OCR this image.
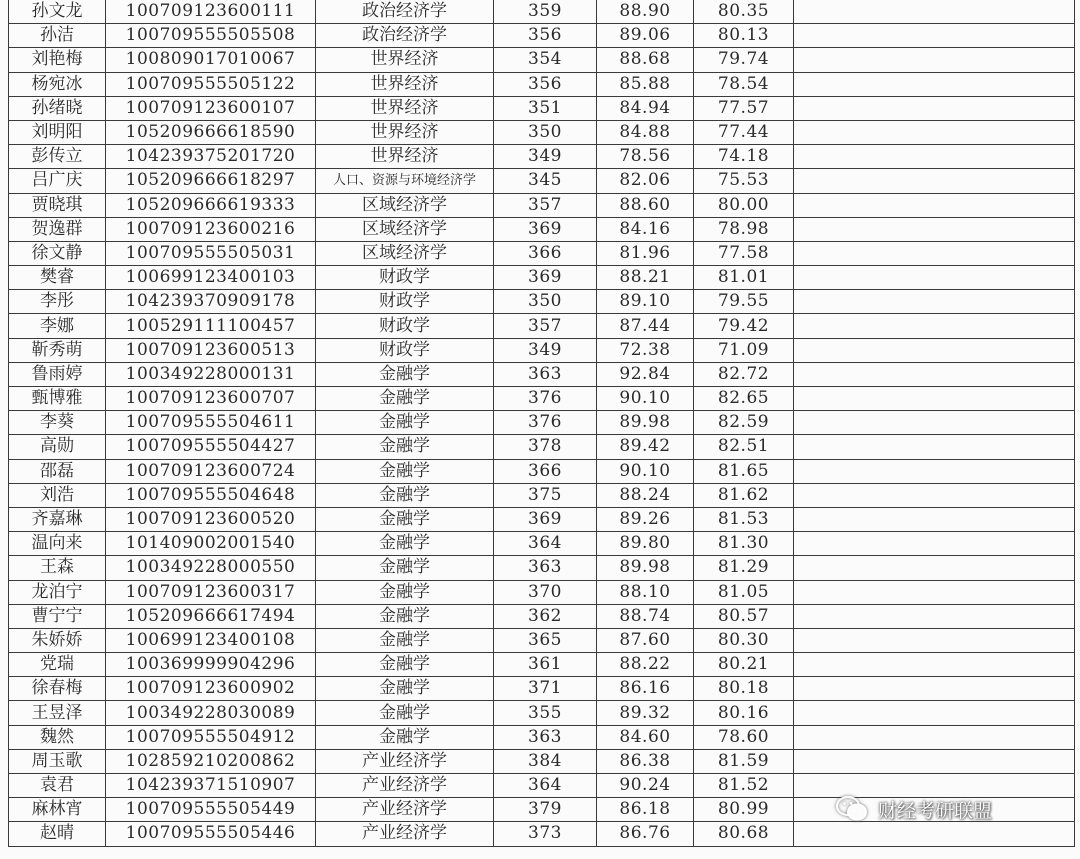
孙文龙	100709123600111	政治经济学	359	88.90	80.35	
孙洁	100709555505508	政治经济学	356	89.06	80.13	
刘艳梅	100809017010067	世界经济	354	88.68	79.74	
杨宛冰	100709555505122	世界经济	356	85.88	78.54	
孙绪晓	100709123600107	世界经济	351	84.94	77.57	
刘明阳	105209666618590	世界经济	350	84.88	77.44	
彭传立	104239375201720	世界经济	349	78.56	74.18	
吕广庆	105209666618297	人口、资源与环境经济学	345	82.06	75.53	
贾晓琪	105209666619333	区域经济学	357	88.60	80.00	
贺逸群	100709123600216	区域经济学	369	84.16	78.98	
徐文静	100709555505031	区域经济学	366	81.96	77.58	
樊睿	100699123400103	财政学	369	88.21	81.01	
李彤	104239370909178	财政学	350	89.10	79.55	
李娜	100529111100457	财政学	357	87.44	79.42	
靳秀萌	100709123600513	财政学	349	72.38	71.09	
鲁雨婷	100349228000131	金融学	363	92.84	82.72	
甄博雅	100709123600707	金融学	376	90.10	82.65	
李葵	100709555504611	金融学	376	89.98	82.59	
高勋	100709555504427	金融学	378	89.42	82.51	
邵磊	100709123600724	金融学	366	90.10	81.65	
刘浩	100709555504648	金融学	375	88.24	81.62	
齐嘉琳	100709123600520	金融学	369	89.26	81.53	
温向来	101409002001540	金融学	364	89.80	81.30	
王森	100349228000550	金融学	363	89.98	81.29	
龙泊宁	100709123600317	金融学	370	88.10	81.05	
曹宁宁	105209666617494	金融学	362	88.74	80.57	
朱娇娇	100699123400108	金融学	365	87.60	80.30	
党瑞	100369999904296	金融学	361	88.22	80.21	
徐春梅	100709123600902	金融学	371	86.16	80.18	
王昱泽	100349228030089	金融学	355	89.32	80.16	
魏然	100709555504912	金融学	363	84.60	78.60	
周玉歌	102859210200862	产业经济学	384	86.38	81.59	
袁君	104239371510907	产业经济学	364	90.24	81.52	
麻林宵	100709555505449	产业经济学	379	86.18	80.99	
赵晴	100709555505446	产业经济学	373	86.76	80.68	
财经考研联盟
